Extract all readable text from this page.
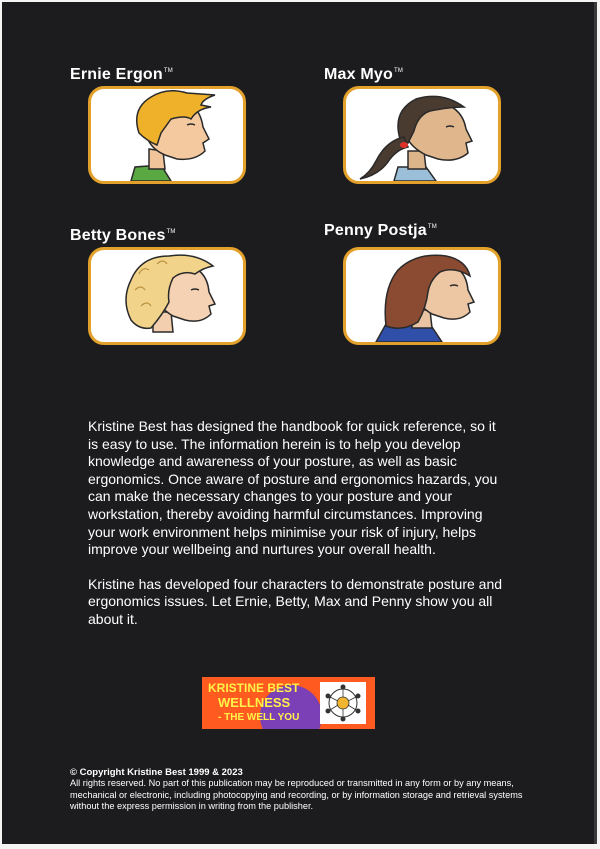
Ernie Ergon™	Max Myo™
Betty Bones™	Penny Postja™

Kristine Best has designed the handbook for quick reference, so it is easy to use. The information herein is to help you develop knowledge and awareness of your posture, as well as basic ergonomics. Once aware of posture and ergonomics hazards, you can make the necessary changes to your posture and your workstation, thereby avoiding harmful circumstances. Improving your work environment helps minimise your risk of injury, helps improve your wellbeing and nurtures your overall health.

Kristine has developed four characters to demonstrate posture and ergonomics issues. Let Ernie, Betty, Max and Penny show you all about it.

KRISTINE BEST
WELLNESS
- THE WELL YOU
© Copyright Kristine Best 1999 & 2023
All rights reserved. No part of this publication may be reproduced or transmitted in any form or by any means, mechanical or electronic, including photocopying and recording, or by information storage and retrieval systems without the express permission in writing from the publisher.
